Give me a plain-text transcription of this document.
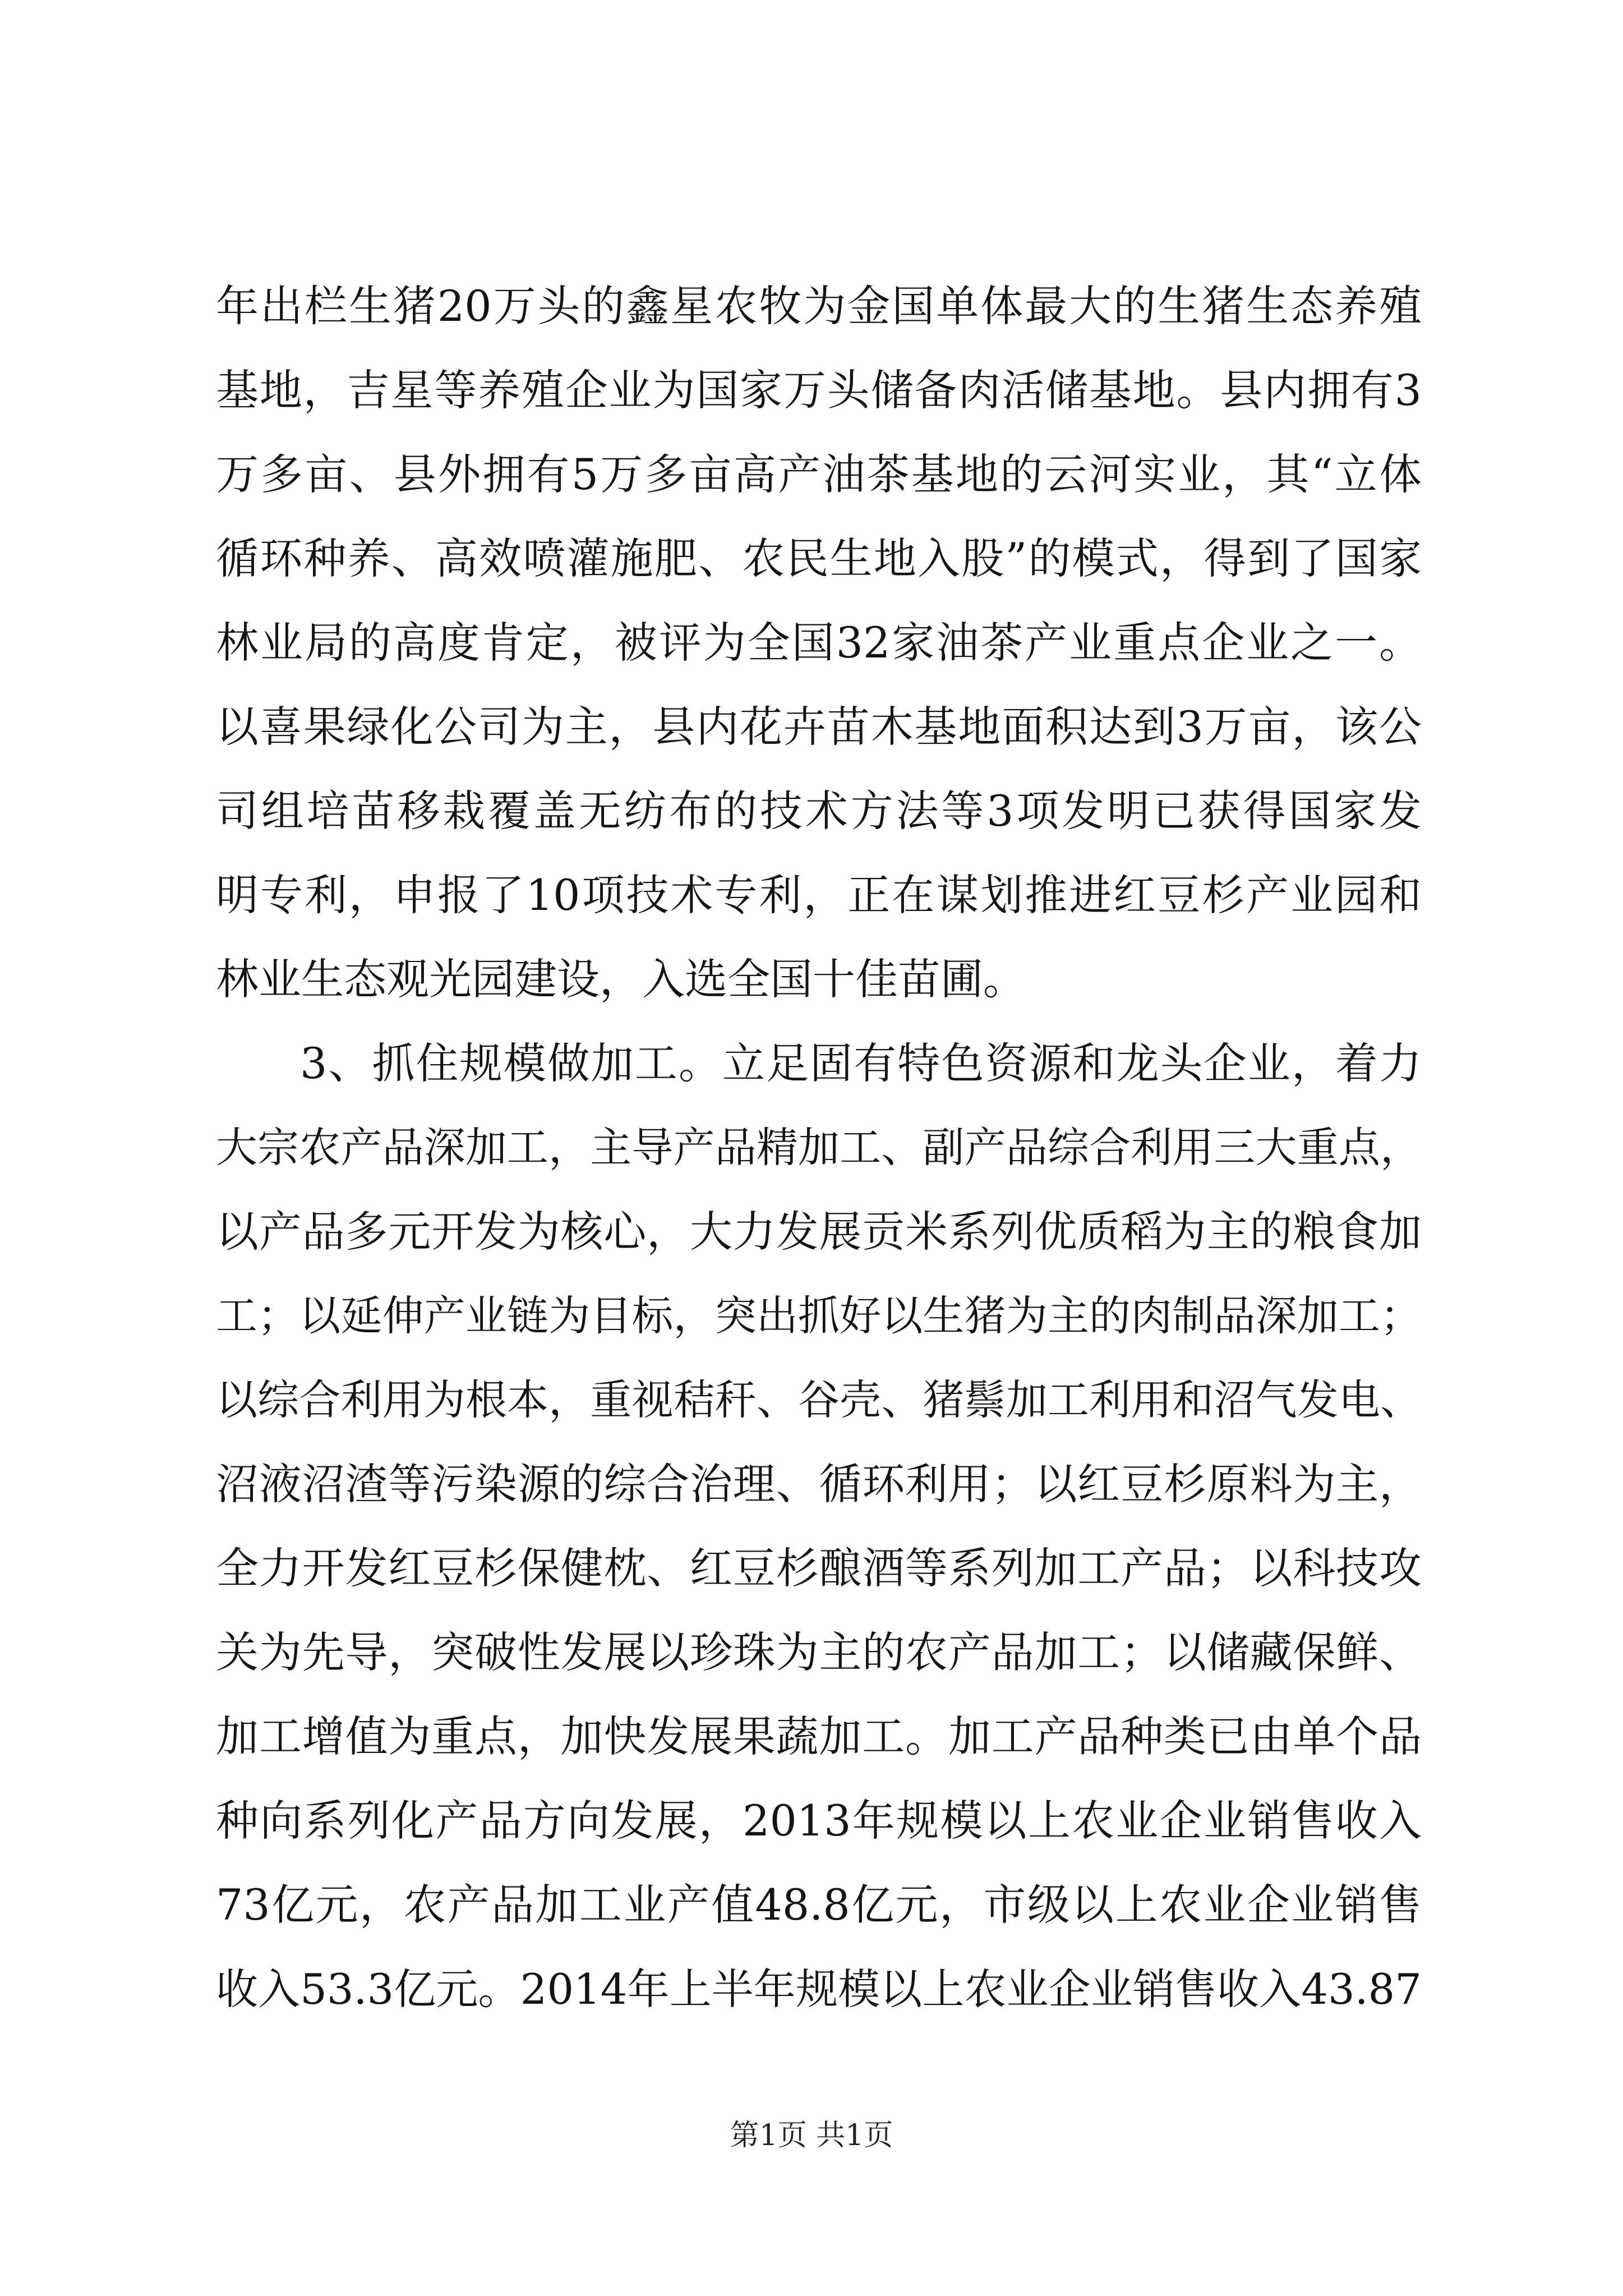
年出栏生猪20万头的鑫星农牧为金国单体最大的生猪生态养殖
基地，吉星等养殖企业为国家万头储备肉活储基地。县内拥有3
万多亩、县外拥有5万多亩高产油茶基地的云河实业，其“立体
循环种养、高效喷灌施肥、农民生地入股”的模式，得到了国家
林业局的高度肯定，被评为全国32家油茶产业重点企业之一。
以喜果绿化公司为主，县内花卉苗木基地面积达到3万亩，该公
司组培苗移栽覆盖无纺布的技术方法等3项发明已获得国家发
明专利，申报了10项技术专利，正在谋划推进红豆杉产业园和
林业生态观光园建设，入选全国十佳苗圃。
3、抓住规模做加工。立足固有特色资源和龙头企业，着力
大宗农产品深加工，主导产品精加工、副产品综合利用三大重点，
以产品多元开发为核心，大力发展贡米系列优质稻为主的粮食加
工；以延伸产业链为目标，突出抓好以生猪为主的肉制品深加工；
以综合利用为根本，重视秸秆、谷壳、猪鬃加工利用和沼气发电、
沼液沼渣等污染源的综合治理、循环利用；以红豆杉原料为主，
全力开发红豆杉保健枕、红豆杉酿酒等系列加工产品；以科技攻
关为先导，突破性发展以珍珠为主的农产品加工；以储藏保鲜、
加工增值为重点，加快发展果蔬加工。加工产品种类已由单个品
种向系列化产品方向发展，2013年规模以上农业企业销售收入
73亿元，农产品加工业产值48.8亿元，市级以上农业企业销售
收入53.3亿元。2014年上半年规模以上农业企业销售收入43.87
第1页 共1页
